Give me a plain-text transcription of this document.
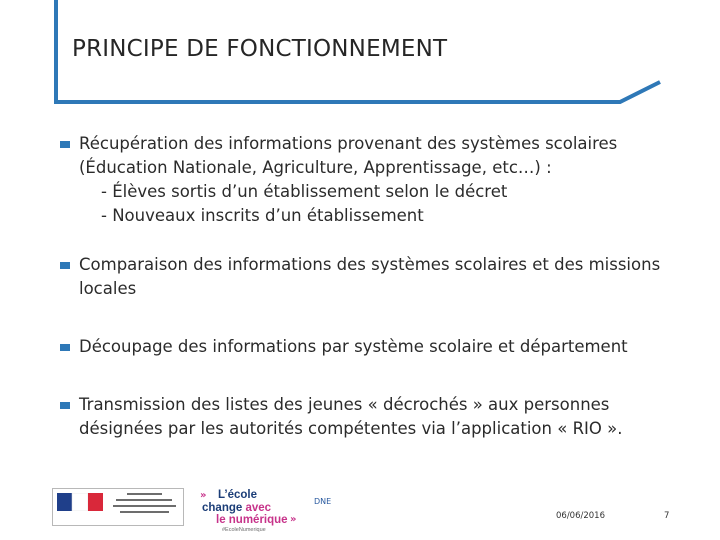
PRINCIPE DE FONCTIONNEMENT
Récupération des informations provenant des systèmes scolaires
(Éducation Nationale, Agriculture, Apprentissage, etc…) :
- Élèves sortis d’un établissement selon le décret
- Nouveaux inscrits d’un établissement
Comparaison des informations des systèmes scolaires et des missions
locales
Découpage des informations par système scolaire et département
Transmission des listes des jeunes « décrochés » aux personnes
désignées par les autorités compétentes via l’application « RIO ».
» L’école
change avec
le numérique »
#EcoleNumerique
DNE
06/06/2016	7
